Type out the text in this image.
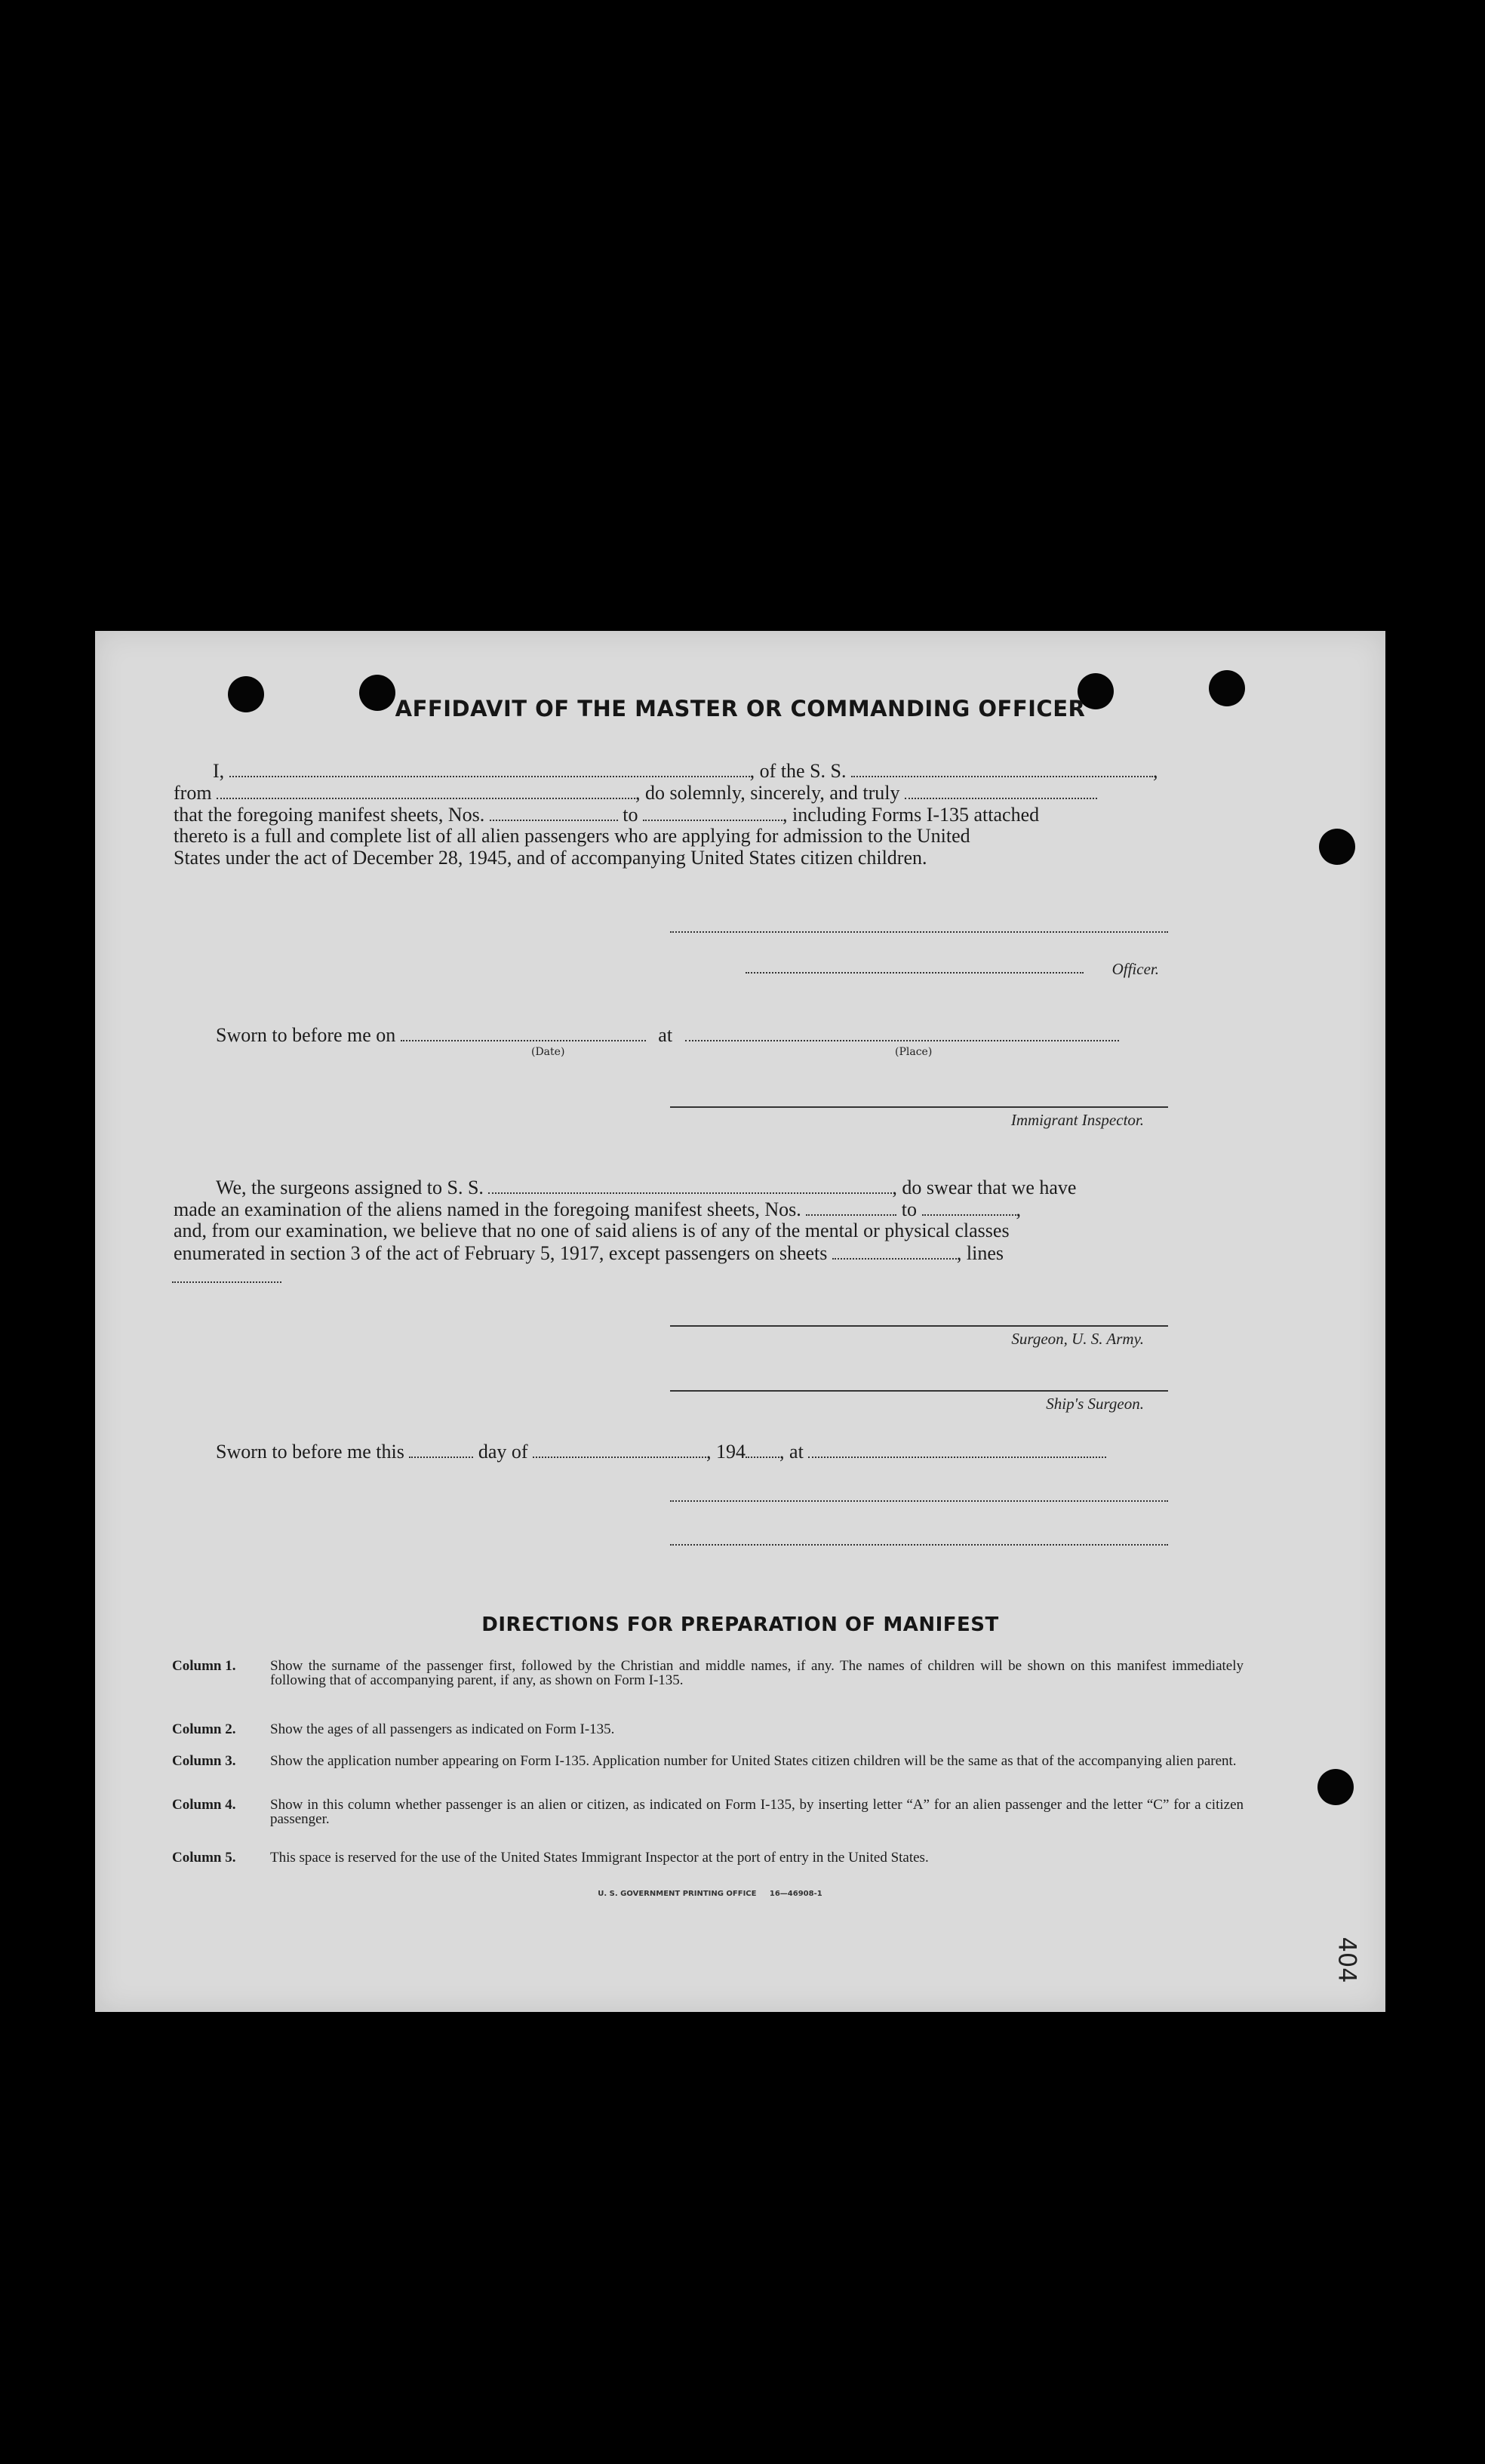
AFFIDAVIT OF THE MASTER OR COMMANDING OFFICER
I,	, of the S. S.	,
from	, do solemnly, sincerely, and truly
that the foregoing manifest sheets, Nos.	to	, including Forms I-135 attached
thereto is a full and complete list of all alien passengers who are applying for admission to the United
States under the act of December 28, 1945, and of accompanying United States citizen children.
Officer.
Sworn to before me on	at
(Date)	(Place)
Immigrant Inspector.
We, the surgeons assigned to S. S.	, do swear that we have
made an examination of the aliens named in the foregoing manifest sheets, Nos.	to	,
and, from our examination, we believe that no one of said aliens is of any of the mental or physical classes
enumerated in section 3 of the act of February 5, 1917, except passengers on sheets	, lines
Surgeon, U. S. Army.
Ship's Surgeon.
Sworn to before me this	day of	, 194 , at
DIRECTIONS FOR PREPARATION OF MANIFEST
Column 1.	Show the surname of the passenger first, followed by the Christian and middle names, if any. The names of children will be shown on this manifest immediately following that of accompanying parent, if any, as shown on Form I-135.
Column 2.	Show the ages of all passengers as indicated on Form I-135.
Column 3.	Show the application number appearing on Form I-135. Application number for United States citizen children will be the same as that of the accompanying alien parent.
Column 4.	Show in this column whether passenger is an alien or citizen, as indicated on Form I-135, by inserting letter “A” for an alien passenger and the letter “C” for a citizen passenger.
Column 5.	This space is reserved for the use of the United States Immigrant Inspector at the port of entry in the United States.
U. S. GOVERNMENT PRINTING OFFICE     16—46908-1
404
